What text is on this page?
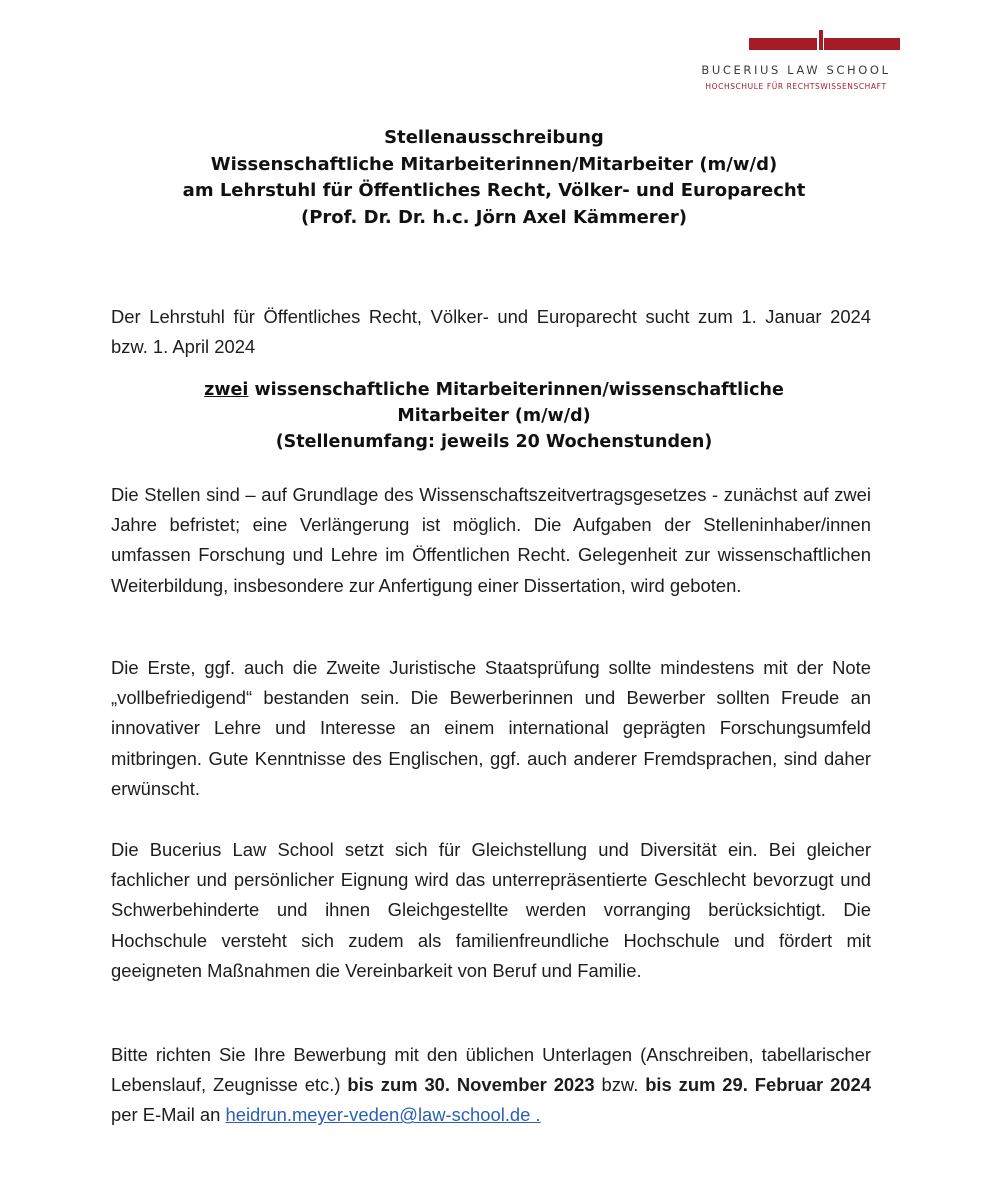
BUCERIUS LAW SCHOOL
HOCHSCHULE FÜR RECHTSWISSENSCHAFT
Stellenausschreibung
Wissenschaftliche Mitarbeiterinnen/Mitarbeiter (m/w/d)
am Lehrstuhl für Öffentliches Recht, Völker- und Europarecht
(Prof. Dr. Dr. h.c. Jörn Axel Kämmerer)

Der Lehrstuhl für Öffentliches Recht, Völker- und Europarecht sucht zum 1. Januar 2024 bzw. 1. April 2024

zwei wissenschaftliche Mitarbeiterinnen/wissenschaftliche
Mitarbeiter (m/w/d)
(Stellenumfang: jeweils 20 Wochenstunden)

Die Stellen sind – auf Grundlage des Wissenschaftszeitvertragsgesetzes - zunächst auf zwei Jahre befristet; eine Verlängerung ist möglich. Die Aufgaben der Stelleninhaber/innen umfassen Forschung und Lehre im Öffentlichen Recht. Gelegenheit zur wissenschaftlichen Weiterbildung, insbesondere zur Anfertigung einer Dissertation, wird geboten.

Die Erste, ggf. auch die Zweite Juristische Staatsprüfung sollte mindestens mit der Note „vollbefriedigend“ bestanden sein. Die Bewerberinnen und Bewerber sollten Freude an innovativer Lehre und Interesse an einem international geprägten Forschungsumfeld mitbringen. Gute Kenntnisse des Englischen, ggf. auch anderer Fremdsprachen, sind daher erwünscht.

Die Bucerius Law School setzt sich für Gleichstellung und Diversität ein. Bei gleicher fachlicher und persönlicher Eignung wird das unterrepräsentierte Geschlecht bevorzugt und Schwerbehinderte und ihnen Gleichgestellte werden vorranging berücksichtigt. Die Hochschule versteht sich zudem als familienfreundliche Hochschule und fördert mit geeigneten Maßnahmen die Vereinbarkeit von Beruf und Familie.

Bitte richten Sie Ihre Bewerbung mit den üblichen Unterlagen (Anschreiben, tabellarischer Lebenslauf, Zeugnisse etc.) bis zum 30. November 2023 bzw. bis zum 29. Februar 2024 per E-Mail an heidrun.meyer-veden@law-school.de .
